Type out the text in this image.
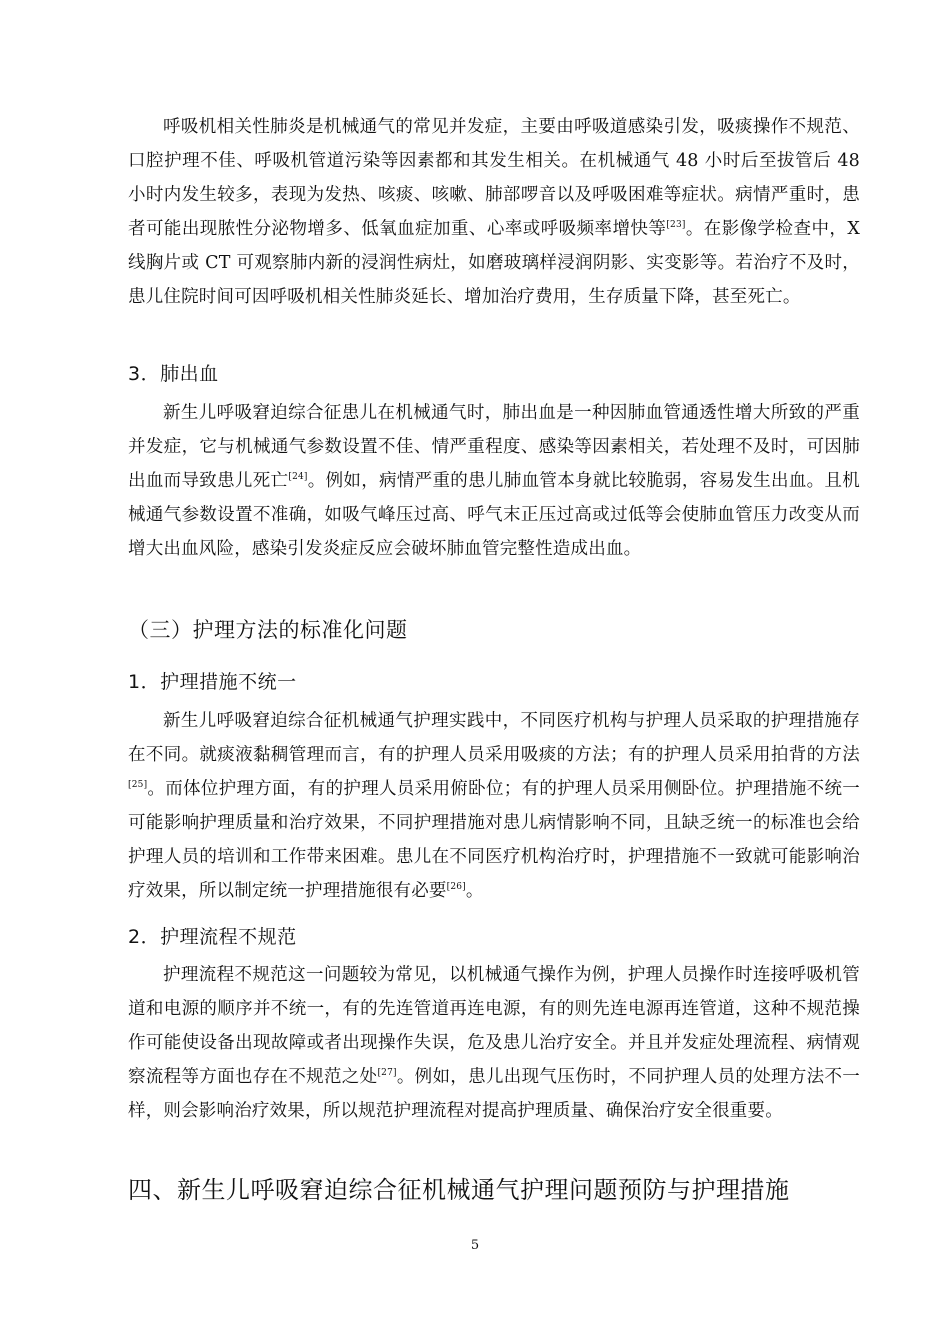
呼吸机相关性肺炎是机械通气的常见并发症，主要由呼吸道感染引发，吸痰操作不规范、口腔护理不佳、呼吸机管道污染等因素都和其发生相关。在机械通气 48 小时后至拔管后 48 小时内发生较多，表现为发热、咳痰、咳嗽、肺部啰音以及呼吸困难等症状。病情严重时，患者可能出现脓性分泌物增多、低氧血症加重、心率或呼吸频率增快等[23]。在影像学检查中，X 线胸片或 CT 可观察肺内新的浸润性病灶，如磨玻璃样浸润阴影、实变影等。若治疗不及时，患儿住院时间可因呼吸机相关性肺炎延长、增加治疗费用，生存质量下降，甚至死亡。

3．肺出血

新生儿呼吸窘迫综合征患儿在机械通气时，肺出血是一种因肺血管通透性增大所致的严重并发症，它与机械通气参数设置不佳、情严重程度、感染等因素相关，若处理不及时，可因肺出血而导致患儿死亡[24]。例如，病情严重的患儿肺血管本身就比较脆弱，容易发生出血。且机械通气参数设置不准确，如吸气峰压过高、呼气末正压过高或过低等会使肺血管压力改变从而增大出血风险，感染引发炎症反应会破坏肺血管完整性造成出血。

（三）护理方法的标准化问题

1．护理措施不统一

新生儿呼吸窘迫综合征机械通气护理实践中，不同医疗机构与护理人员采取的护理措施存在不同。就痰液黏稠管理而言，有的护理人员采用吸痰的方法；有的护理人员采用拍背的方法[25]。而体位护理方面，有的护理人员采用俯卧位；有的护理人员采用侧卧位。护理措施不统一可能影响护理质量和治疗效果，不同护理措施对患儿病情影响不同，且缺乏统一的标准也会给护理人员的培训和工作带来困难。患儿在不同医疗机构治疗时，护理措施不一致就可能影响治疗效果，所以制定统一护理措施很有必要[26]。

2．护理流程不规范

护理流程不规范这一问题较为常见，以机械通气操作为例，护理人员操作时连接呼吸机管道和电源的顺序并不统一，有的先连管道再连电源，有的则先连电源再连管道，这种不规范操作可能使设备出现故障或者出现操作失误，危及患儿治疗安全。并且并发症处理流程、病情观察流程等方面也存在不规范之处[27]。例如，患儿出现气压伤时，不同护理人员的处理方法不一样，则会影响治疗效果，所以规范护理流程对提高护理质量、确保治疗安全很重要。

四、新生儿呼吸窘迫综合征机械通气护理问题预防与护理措施

5
